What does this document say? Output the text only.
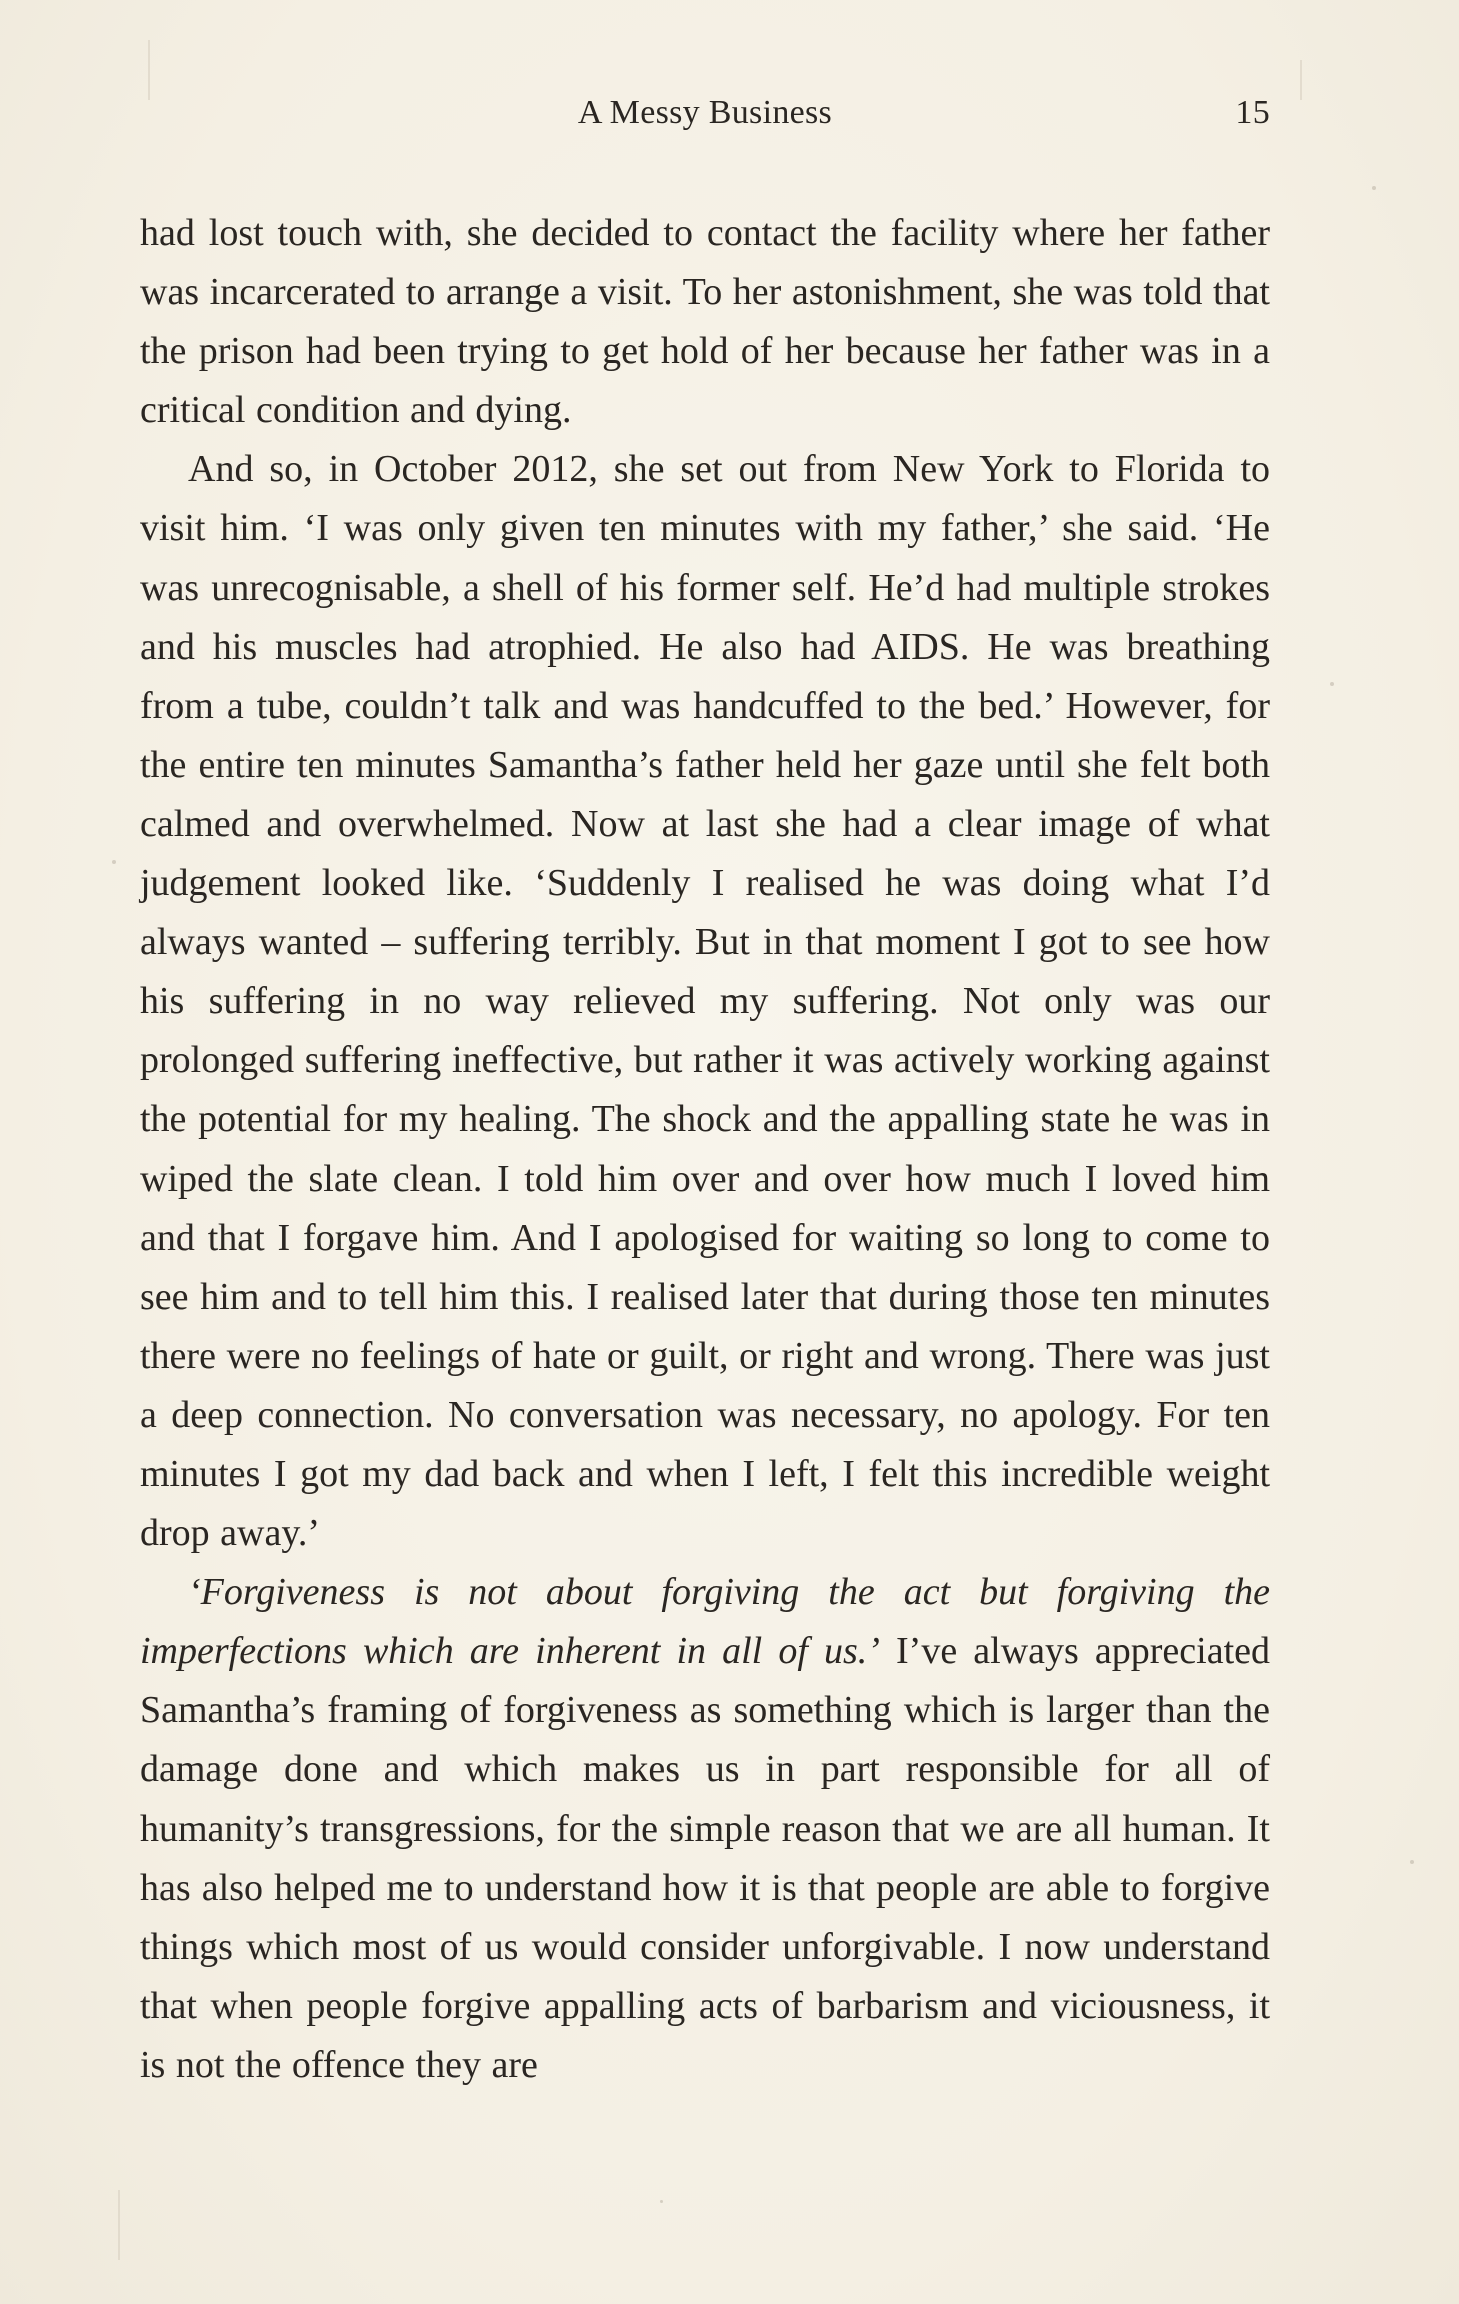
A Messy Business	15

had lost touch with, she decided to contact the facility where her father was incarcerated to arrange a visit. To her astonishment, she was told that the prison had been trying to get hold of her because her father was in a critical condition and dying.

And so, in October 2012, she set out from New York to Florida to visit him. ‘I was only given ten minutes with my father,’ she said. ‘He was unrecognisable, a shell of his former self. He’d had multiple strokes and his muscles had atrophied. He also had AIDS. He was breathing from a tube, couldn’t talk and was handcuffed to the bed.’ However, for the entire ten minutes Samantha’s father held her gaze until she felt both calmed and overwhelmed. Now at last she had a clear image of what judgement looked like. ‘Suddenly I realised he was doing what I’d always wanted – suffering terribly. But in that moment I got to see how his suffering in no way relieved my suffering. Not only was our prolonged suffering ineffective, but rather it was actively working against the potential for my healing. The shock and the appalling state he was in wiped the slate clean. I told him over and over how much I loved him and that I forgave him. And I apologised for waiting so long to come to see him and to tell him this. I realised later that during those ten minutes there were no feelings of hate or guilt, or right and wrong. There was just a deep connection. No conversation was necessary, no apology. For ten minutes I got my dad back and when I left, I felt this incredible weight drop away.’

‘Forgiveness is not about forgiving the act but forgiving the imperfections which are inherent in all of us.’ I’ve always appreciated Samantha’s framing of forgiveness as something which is larger than the damage done and which makes us in part responsible for all of humanity’s transgressions, for the simple reason that we are all human. It has also helped me to understand how it is that people are able to forgive things which most of us would consider unforgivable. I now understand that when people forgive appalling acts of barbarism and viciousness, it is not the offence they are
